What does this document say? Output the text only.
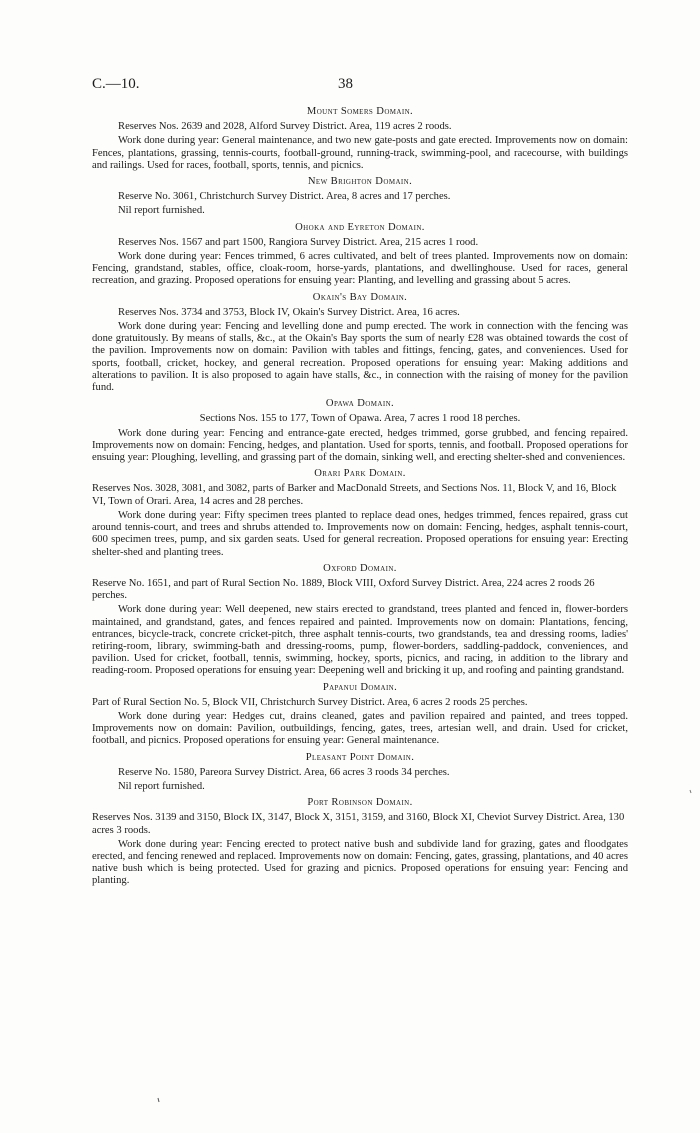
C.—10.	38
Mount Somers Domain.
Reserves Nos. 2639 and 2028, Alford Survey District. Area, 119 acres 2 roods.

Work done during year: General maintenance, and two new gate-posts and gate erected. Improvements now on domain: Fences, plantations, grassing, tennis-courts, football-ground, running-track, swimming-pool, and racecourse, with buildings and railings. Used for races, football, sports, tennis, and picnics.

New Brighton Domain.
Reserve No. 3061, Christchurch Survey District. Area, 8 acres and 17 perches.
Nil report furnished.
Ohoka and Eyreton Domain.
Reserves Nos. 1567 and part 1500, Rangiora Survey District. Area, 215 acres 1 rood.

Work done during year: Fences trimmed, 6 acres cultivated, and belt of trees planted. Improvements now on domain: Fencing, grandstand, stables, office, cloak-room, horse-yards, plantations, and dwellinghouse. Used for races, general recreation, and grazing. Proposed operations for ensuing year: Planting, and levelling and grassing about 5 acres.

Okain's Bay Domain.
Reserves Nos. 3734 and 3753, Block IV, Okain's Survey District. Area, 16 acres.

Work done during year: Fencing and levelling done and pump erected. The work in connection with the fencing was done gratuitously. By means of stalls, &c., at the Okain's Bay sports the sum of nearly £28 was obtained towards the cost of the pavilion. Improvements now on domain: Pavilion with tables and fittings, fencing, gates, and conveniences. Used for sports, football, cricket, hockey, and general recreation. Proposed operations for ensuing year: Making additions and alterations to pavilion. It is also proposed to again have stalls, &c., in connection with the raising of money for the pavilion fund.

Opawa Domain.
Sections Nos. 155 to 177, Town of Opawa. Area, 7 acres 1 rood 18 perches.

Work done during year: Fencing and entrance-gate erected, hedges trimmed, gorse grubbed, and fencing repaired. Improvements now on domain: Fencing, hedges, and plantation. Used for sports, tennis, and football. Proposed operations for ensuing year: Ploughing, levelling, and grassing part of the domain, sinking well, and erecting shelter-shed and conveniences.

Orari Park Domain.
Reserves Nos. 3028, 3081, and 3082, parts of Barker and MacDonald Streets, and Sections Nos. 11, Block V, and 16, Block VI, Town of Orari. Area, 14 acres and 28 perches.

Work done during year: Fifty specimen trees planted to replace dead ones, hedges trimmed, fences repaired, grass cut around tennis-court, and trees and shrubs attended to. Improvements now on domain: Fencing, hedges, asphalt tennis-court, 600 specimen trees, pump, and six garden seats. Used for general recreation. Proposed operations for ensuing year: Erecting shelter-shed and planting trees.

Oxford Domain.
Reserve No. 1651, and part of Rural Section No. 1889, Block VIII, Oxford Survey District. Area, 224 acres 2 roods 26 perches.

Work done during year: Well deepened, new stairs erected to grandstand, trees planted and fenced in, flower-borders maintained, and grandstand, gates, and fences repaired and painted. Improvements now on domain: Plantations, fencing, entrances, bicycle-track, concrete cricket-pitch, three asphalt tennis-courts, two grandstands, tea and dressing rooms, ladies' retiring-room, library, swimming-bath and dressing-rooms, pump, flower-borders, saddling-paddock, conveniences, and pavilion. Used for cricket, football, tennis, swimming, hockey, sports, picnics, and racing, in addition to the library and reading-room. Proposed operations for ensuing year: Deepening well and bricking it up, and roofing and painting grandstand.

Papanui Domain.
Part of Rural Section No. 5, Block VII, Christchurch Survey District. Area, 6 acres 2 roods 25 perches.

Work done during year: Hedges cut, drains cleaned, gates and pavilion repaired and painted, and trees topped. Improvements now on domain: Pavilion, outbuildings, fencing, gates, trees, artesian well, and drain. Used for cricket, football, and picnics. Proposed operations for ensuing year: General maintenance.

Pleasant Point Domain.
Reserve No. 1580, Pareora Survey District. Area, 66 acres 3 roods 34 perches.
Nil report furnished.
Port Robinson Domain.
Reserves Nos. 3139 and 3150, Block IX, 3147, Block X, 3151, 3159, and 3160, Block XI, Cheviot Survey District. Area, 130 acres 3 roods.

Work done during year: Fencing erected to protect native bush and subdivide land for grazing, gates and floodgates erected, and fencing renewed and replaced. Improvements now on domain: Fencing, gates, grassing, plantations, and 40 acres native bush which is being protected. Used for grazing and picnics. Proposed operations for ensuing year: Fencing and planting.
